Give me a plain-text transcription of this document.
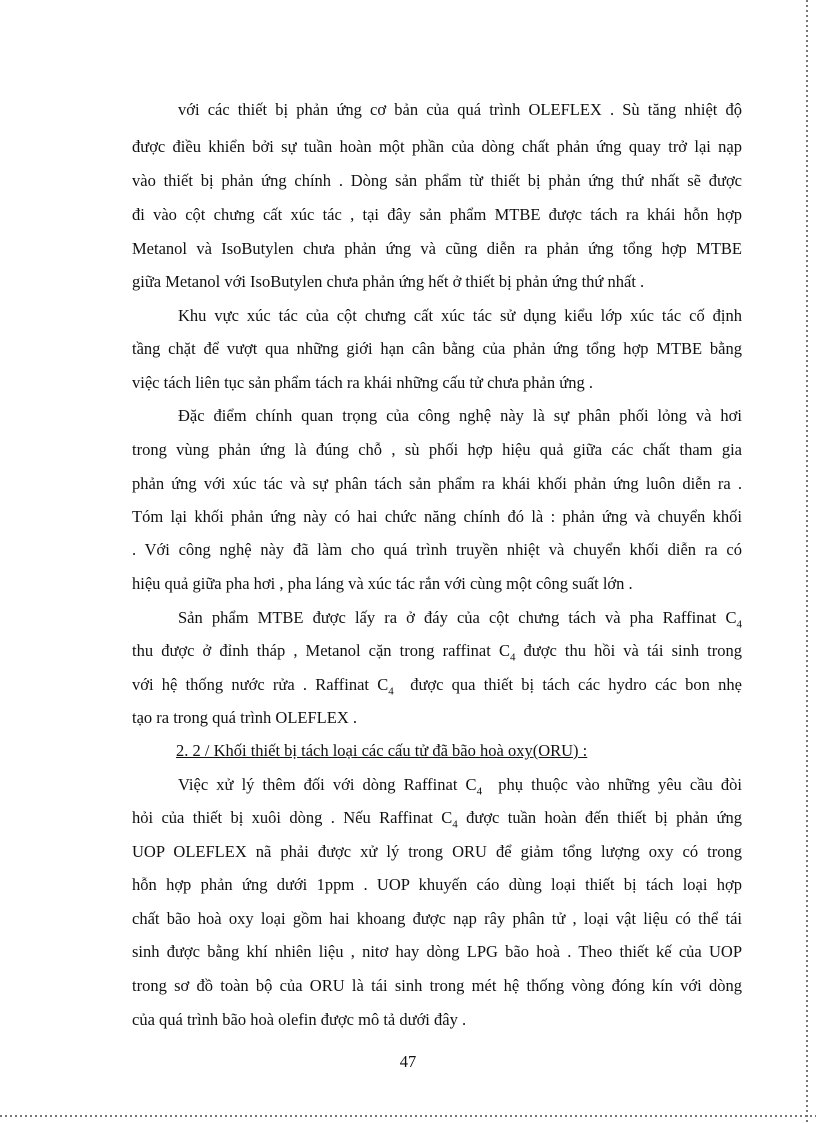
với các thiết bị phản ứng cơ bản của quá trình OLEFLEX . Sù tăng nhiệt độ
được điều khiển bởi sự tuần hoàn một phần của dòng chất phản ứng quay trở lại nạp
vào thiết bị phản ứng chính . Dòng sản phẩm từ thiết bị phản ứng thứ nhất sẽ được
đi vào cột chưng cất xúc tác , tại đây sản phẩm MTBE được tách ra khái hỗn hợp
Metanol và IsoButylen chưa phản ứng và cũng diễn ra phản ứng tổng hợp MTBE
giữa Metanol với IsoButylen chưa phản ứng hết ở thiết bị phản ứng thứ nhất .
Khu vực xúc tác của cột chưng cất xúc tác sử dụng kiểu lớp xúc tác cố định
tầng chặt để vượt qua những giới hạn cân bằng của phản ứng tổng hợp MTBE bằng
việc tách liên tục sản phẩm tách ra khái những cấu tử chưa phản ứng .
Đặc điểm chính quan trọng của công nghệ này là sự phân phối lỏng và hơi
trong vùng phản ứng là đúng chỗ , sù phối hợp hiệu quả giữa các chất tham gia
phản ứng với xúc tác và sự phân tách sản phẩm ra khái khối phản ứng luôn diễn ra .
Tóm lại khối phản ứng này có hai chức năng chính đó là : phản ứng và chuyển khối
. Với công nghệ này đã làm cho quá trình truyền nhiệt và chuyển khối diễn ra có
hiệu quả giữa pha hơi , pha láng và xúc tác rắn với cùng một công suất lớn .
Sản phẩm MTBE được lấy ra ở đáy của cột chưng tách và pha Raffinat $C_4$
thu được ở đỉnh tháp , Metanol cặn trong raffinat $C_4$ được thu hồi và tái sinh trong
với hệ thống nước rửa . Raffinat $C_4$  được qua thiết bị tách các hydro các bon nhẹ
tạo ra trong quá trình OLEFLEX .
2. 2 / Khối thiết bị tách loại các cấu tử đã bão hoà oxy(ORU) :
Việc xử lý thêm đối với dòng Raffinat $C_4$  phụ thuộc vào những yêu cầu đòi
hỏi của thiết bị xuôi dòng . Nếu Raffinat $C_4$ được tuần hoàn đến thiết bị phản ứng
UOP OLEFLEX nã phải được xử lý trong ORU để giảm tổng lượng oxy có trong
hỗn hợp phản ứng dưới 1ppm . UOP khuyến cáo dùng loại thiết bị tách loại hợp
chất bão hoà oxy loại gồm hai khoang được nạp rây phân tử , loại vật liệu có thể tái
sinh được bằng khí nhiên liệu , nitơ hay dòng LPG bão hoà . Theo thiết kế của UOP
trong sơ đồ toàn bộ của ORU là tái sinh trong mét hệ thống vòng đóng kín với dòng
của quá trình bão hoà olefin được mô tả dưới đây .
47
